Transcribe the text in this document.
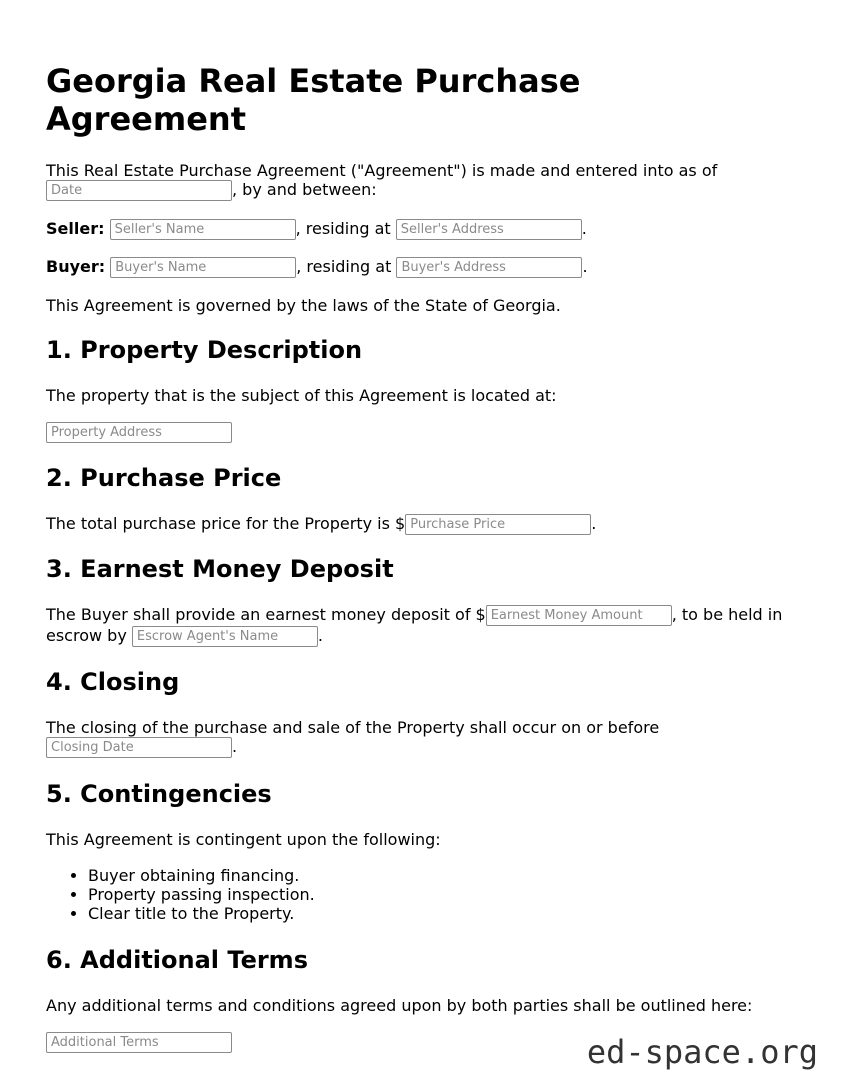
Georgia Real Estate Purchase Agreement

This Real Estate Purchase Agreement ("Agreement") is made and entered into as of
Date, by and between:

Seller: Seller's Name	, residing at Seller's Address	.

Buyer: Buyer's Name	, residing at Buyer's Address	.

This Agreement is governed by the laws of the State of Georgia.

1. Property Description

The property that is the subject of this Agreement is located at:

Property Address

2. Purchase Price

The total purchase price for the Property is $Purchase Price	.

3. Earnest Money Deposit

The Buyer shall provide an earnest money deposit of $Earnest Money Amount	, to be held in
escrow by Escrow Agent's Name	.

4. Closing

The closing of the purchase and sale of the Property shall occur on or before
Closing Date.

5. Contingencies

This Agreement is contingent upon the following:

• Buyer obtaining financing.
• Property passing inspection.
• Clear title to the Property.
6. Additional Terms

Any additional terms and conditions agreed upon by both parties shall be outlined here:

Additional Terms

ed-space.org
